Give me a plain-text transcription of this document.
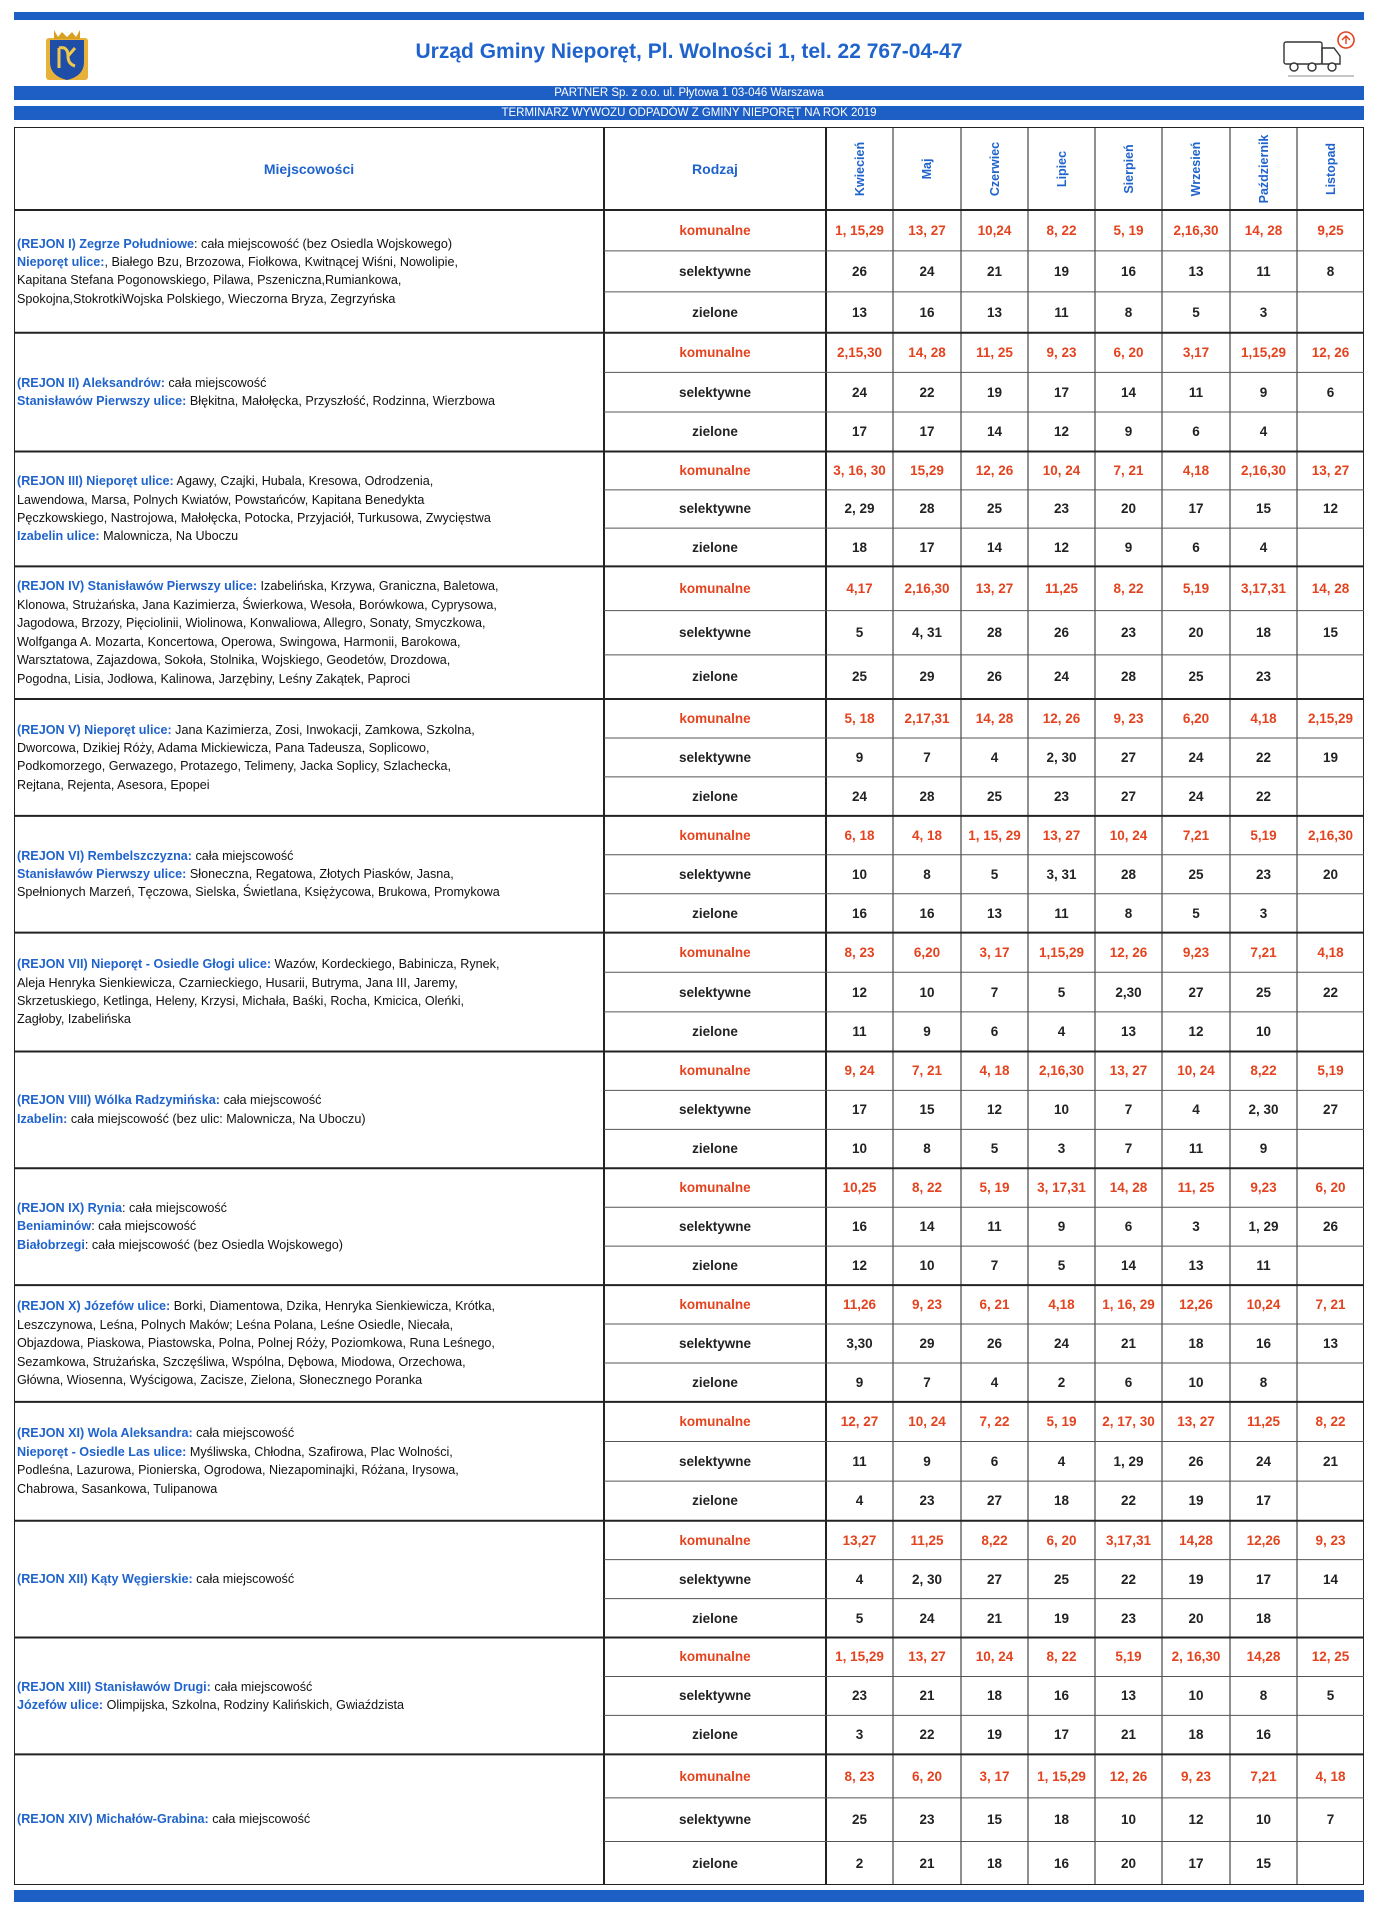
Urząd Gminy Nieporęt, Pl. Wolności 1, tel. 22 767-04-47
PARTNER Sp. z o.o. ul. Płytowa 1 03-046 Warszawa
TERMINARZ WYWOZU ODPADÓW Z GMINY NIEPORĘT NA ROK 2019
Miejscowości	Rodzaj	Kwiecień	Maj	Czerwiec	Lipiec	Sierpień	Wrzesień	Październik	Listopad
(REJON I) Zegrze Południowe: cała miejscowość (bez Osiedla Wojskowego)
Nieporęt ulice:, Białego Bzu, Brzozowa, Fiołkowa, Kwitnącej Wiśni, Nowolipie,
Kapitana Stefana Pogonowskiego, Pilawa, Pszeniczna,Rumiankowa,
Spokojna,StokrotkiWojska Polskiego, Wieczorna Bryza, Zegrzyńska
komunalne	1, 15,29	13, 27	10,24	8, 22	5, 19	2,16,30	14, 28	9,25
selektywne	26	24	21	19	16	13	11	8
zielone	13	16	13	11	8	5	3
(REJON II) Aleksandrów: cała miejscowość
Stanisławów Pierwszy ulice: Błękitna, Małołęcka, Przyszłość, Rodzinna, Wierzbowa
komunalne	2,15,30	14, 28	11, 25	9, 23	6, 20	3,17	1,15,29	12, 26
selektywne	24	22	19	17	14	11	9	6
zielone	17	17	14	12	9	6	4
(REJON III) Nieporęt ulice: Agawy, Czajki, Hubala, Kresowa, Odrodzenia,
Lawendowa, Marsa, Polnych Kwiatów, Powstańców, Kapitana Benedykta
Pęczkowskiego, Nastrojowa, Małołęcka, Potocka, Przyjaciół, Turkusowa, Zwycięstwa
Izabelin ulice: Malownicza, Na Uboczu
komunalne	3, 16, 30	15,29	12, 26	10, 24	7, 21	4,18	2,16,30	13, 27
selektywne	2, 29	28	25	23	20	17	15	12
zielone	18	17	14	12	9	6	4
(REJON IV) Stanisławów Pierwszy ulice: Izabelińska, Krzywa, Graniczna, Baletowa,
Klonowa, Strużańska, Jana Kazimierza, Świerkowa, Wesoła, Borówkowa, Cyprysowa,
Jagodowa, Brzozy, Pięciolinii, Wiolinowa, Konwaliowa, Allegro, Sonaty, Smyczkowa,
Wolfganga A. Mozarta, Koncertowa, Operowa, Swingowa, Harmonii, Barokowa,
Warsztatowa, Zajazdowa, Sokoła, Stolnika, Wojskiego, Geodetów, Drozdowa,
Pogodna, Lisia, Jodłowa, Kalinowa, Jarzębiny, Leśny Zakątek, Paproci
komunalne	4,17	2,16,30	13, 27	11,25	8, 22	5,19	3,17,31	14, 28
selektywne	5	4, 31	28	26	23	20	18	15
zielone	25	29	26	24	28	25	23
(REJON V) Nieporęt ulice: Jana Kazimierza, Zosi, Inwokacji, Zamkowa, Szkolna,
Dworcowa, Dzikiej Róży, Adama Mickiewicza, Pana Tadeusza, Soplicowo,
Podkomorzego, Gerwazego, Protazego, Telimeny, Jacka Soplicy, Szlachecka,
Rejtana, Rejenta, Asesora, Epopei
komunalne	5, 18	2,17,31	14, 28	12, 26	9, 23	6,20	4,18	2,15,29
selektywne	9	7	4	2, 30	27	24	22	19
zielone	24	28	25	23	27	24	22
(REJON VI) Rembelszczyzna: cała miejscowość
Stanisławów Pierwszy ulice: Słoneczna, Regatowa, Złotych Piasków, Jasna,
Spełnionych Marzeń, Tęczowa, Sielska, Świetlana, Księżycowa, Brukowa, Promykowa
komunalne	6, 18	4, 18	1, 15, 29	13, 27	10, 24	7,21	5,19	2,16,30
selektywne	10	8	5	3, 31	28	25	23	20
zielone	16	16	13	11	8	5	3
(REJON VII) Nieporęt - Osiedle Głogi ulice: Wazów, Kordeckiego, Babinicza, Rynek,
Aleja Henryka Sienkiewicza, Czarnieckiego, Husarii, Butryma, Jana III, Jaremy,
Skrzetuskiego, Ketlinga, Heleny, Krzysi, Michała, Baśki, Rocha, Kmicica, Oleńki,
Zagłoby, Izabelińska
komunalne	8, 23	6,20	3, 17	1,15,29	12, 26	9,23	7,21	4,18
selektywne	12	10	7	5	2,30	27	25	22
zielone	11	9	6	4	13	12	10
(REJON VIII) Wólka Radzymińska: cała miejscowość
Izabelin: cała miejscowość (bez ulic: Malownicza, Na Uboczu)
komunalne	9, 24	7, 21	4, 18	2,16,30	13, 27	10, 24	8,22	5,19
selektywne	17	15	12	10	7	4	2, 30	27
zielone	10	8	5	3	7	11	9
(REJON IX) Rynia: cała miejscowość
Beniaminów: cała miejscowość
Białobrzegi: cała miejscowość (bez Osiedla Wojskowego)
komunalne	10,25	8, 22	5, 19	3, 17,31	14, 28	11, 25	9,23	6, 20
selektywne	16	14	11	9	6	3	1, 29	26
zielone	12	10	7	5	14	13	11
(REJON X) Józefów ulice: Borki, Diamentowa, Dzika, Henryka Sienkiewicza, Krótka,
Leszczynowa, Leśna, Polnych Maków; Leśna Polana, Leśne Osiedle, Niecała,
Objazdowa, Piaskowa, Piastowska, Polna, Polnej Róży, Poziomkowa, Runa Leśnego,
Sezamkowa, Strużańska, Szczęśliwa, Wspólna, Dębowa, Miodowa, Orzechowa,
Główna, Wiosenna, Wyścigowa, Zacisze, Zielona, Słonecznego Poranka
komunalne	11,26	9, 23	6, 21	4,18	1, 16, 29	12,26	10,24	7, 21
selektywne	3,30	29	26	24	21	18	16	13
zielone	9	7	4	2	6	10	8
(REJON XI) Wola Aleksandra: cała miejscowość
Nieporęt - Osiedle Las ulice: Myśliwska, Chłodna, Szafirowa, Plac Wolności,
Podleśna, Lazurowa, Pionierska, Ogrodowa, Niezapominajki, Różana, Irysowa,
Chabrowa, Sasankowa, Tulipanowa
komunalne	12, 27	10, 24	7, 22	5, 19	2, 17, 30	13, 27	11,25	8, 22
selektywne	11	9	6	4	1, 29	26	24	21
zielone	4	23	27	18	22	19	17
(REJON XII) Kąty Węgierskie: cała miejscowość
komunalne	13,27	11,25	8,22	6, 20	3,17,31	14,28	12,26	9, 23
selektywne	4	2, 30	27	25	22	19	17	14
zielone	5	24	21	19	23	20	18
(REJON XIII) Stanisławów Drugi: cała miejscowość
Józefów ulice: Olimpijska, Szkolna, Rodziny Kalińskich, Gwiaździsta
komunalne	1, 15,29	13, 27	10, 24	8, 22	5,19	2, 16,30	14,28	12, 25
selektywne	23	21	18	16	13	10	8	5
zielone	3	22	19	17	21	18	16
(REJON XIV) Michałów-Grabina: cała miejscowość
komunalne	8, 23	6, 20	3, 17	1, 15,29	12, 26	9, 23	7,21	4, 18
selektywne	25	23	15	18	10	12	10	7
zielone	2	21	18	16	20	17	15
